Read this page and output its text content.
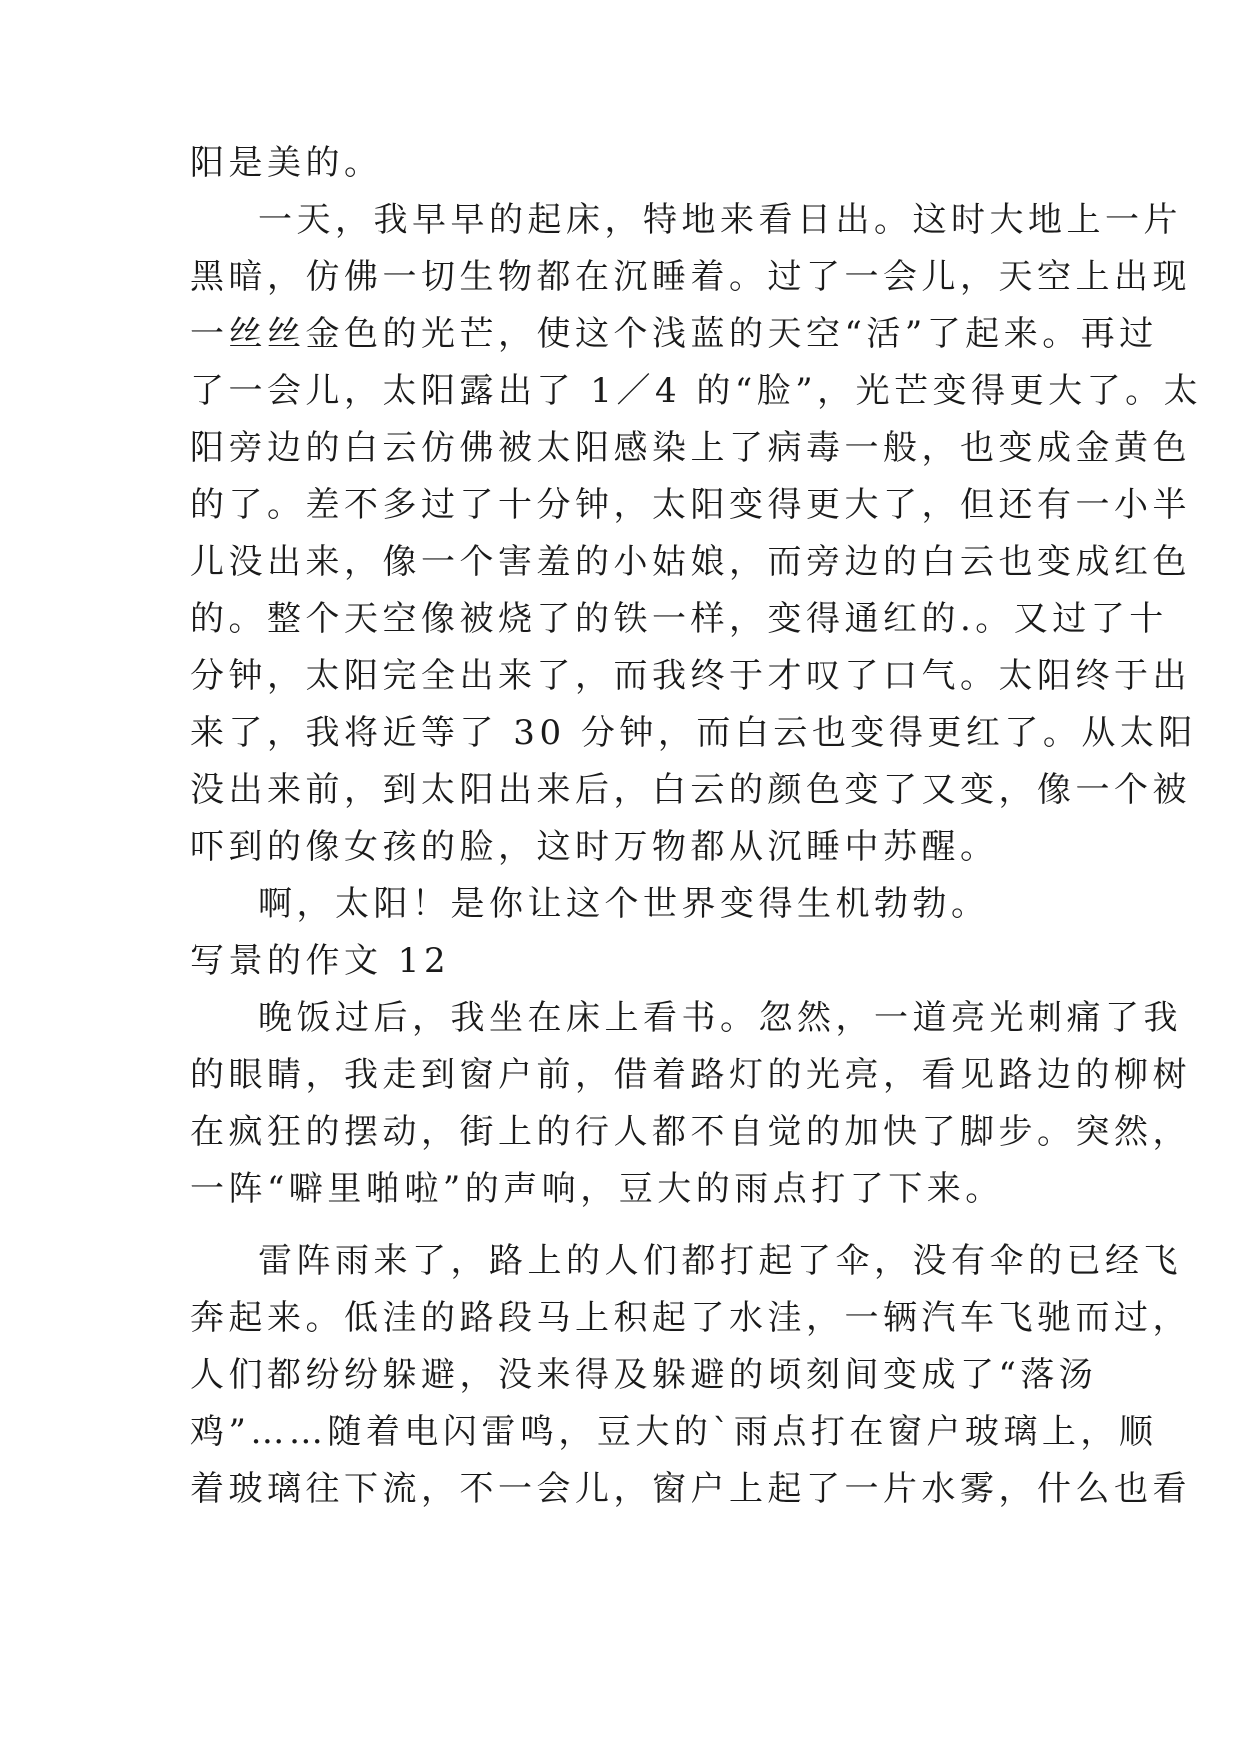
阳是美的。
一天，我早早的起床，特地来看日出。这时大地上一片
黑暗，仿佛一切生物都在沉睡着。过了一会儿，天空上出现
一丝丝金色的光芒，使这个浅蓝的天空“活”了起来。再过
了一会儿，太阳露出了 1／4 的“脸”，光芒变得更大了。太
阳旁边的白云仿佛被太阳感染上了病毒一般，也变成金黄色
的了。差不多过了十分钟，太阳变得更大了，但还有一小半
儿没出来，像一个害羞的小姑娘，而旁边的白云也变成红色
的。整个天空像被烧了的铁一样，变得通红的.。又过了十
分钟，太阳完全出来了，而我终于才叹了口气。太阳终于出
来了，我将近等了 30 分钟，而白云也变得更红了。从太阳
没出来前，到太阳出来后，白云的颜色变了又变，像一个被
吓到的像女孩的脸，这时万物都从沉睡中苏醒。
啊，太阳！是你让这个世界变得生机勃勃。
写景的作文 12
晚饭过后，我坐在床上看书。忽然，一道亮光刺痛了我
的眼睛，我走到窗户前，借着路灯的光亮，看见路边的柳树
在疯狂的摆动，街上的行人都不自觉的加快了脚步。突然，
一阵“噼里啪啦”的声响，豆大的雨点打了下来。
雷阵雨来了，路上的人们都打起了伞，没有伞的已经飞
奔起来。低洼的路段马上积起了水洼，一辆汽车飞驰而过，
人们都纷纷躲避，没来得及躲避的顷刻间变成了“落汤
鸡”……随着电闪雷鸣，豆大的`雨点打在窗户玻璃上，顺
着玻璃往下流，不一会儿，窗户上起了一片水雾，什么也看
